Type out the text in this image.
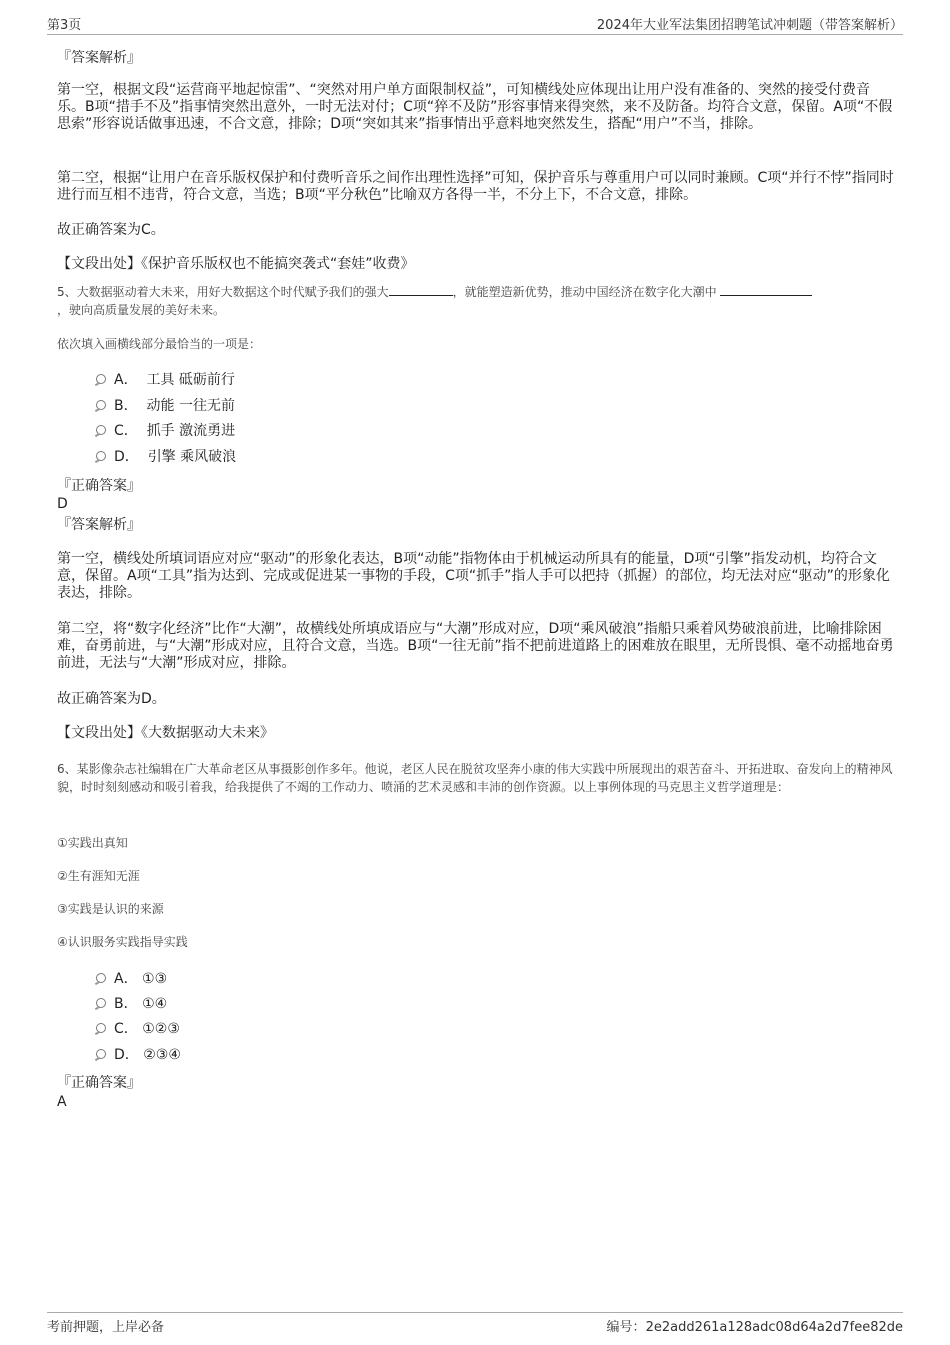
第3页	2024年大业军法集团招聘笔试冲刺题（带答案解析）
『答案解析』
第一空，根据文段“运营商平地起惊雷”、“突然对用户单方面限制权益”，可知横线处应体现出让用户没有准备的、突然的接受付费音乐。B项“措手不及”指事情突然出意外，一时无法对付；C项“猝不及防”形容事情来得突然，来不及防备。均符合文意，保留。A项“不假思索”形容说话做事迅速，不合文意，排除；D项“突如其来”指事情出乎意料地突然发生，搭配“用户”不当，排除。
第二空，根据“让用户在音乐版权保护和付费听音乐之间作出理性选择”可知，保护音乐与尊重用户可以同时兼顾。C项“并行不悖”指同时进行而互相不违背，符合文意，当选；B项“平分秋色”比喻双方各得一半，不分上下，不合文意，排除。
故正确答案为C。
【文段出处】《保护音乐版权也不能搞突袭式“套娃”收费》
5、大数据驱动着大未来，用好大数据这个时代赋予我们的强大	，就能塑造新优势，推动中国经济在数字化大潮中
，驶向高质量发展的美好未来。
依次填入画横线部分最恰当的一项是：
A． 工具 砥砺前行
B． 动能 一往无前
C． 抓手 激流勇进
D． 引擎 乘风破浪
『正确答案』
D
『答案解析』
第一空，横线处所填词语应对应“驱动”的形象化表达，B项“动能”指物体由于机械运动所具有的能量，D项“引擎”指发动机，均符合文意，保留。A项“工具”指为达到、完成或促进某一事物的手段，C项“抓手”指人手可以把持（抓握）的部位，均无法对应“驱动”的形象化表达，排除。
第二空，将“数字化经济”比作“大潮”，故横线处所填成语应与“大潮”形成对应，D项“乘风破浪”指船只乘着风势破浪前进，比喻排除困难，奋勇前进，与“大潮”形成对应，且符合文意，当选。B项“一往无前”指不把前进道路上的困难放在眼里，无所畏惧、毫不动摇地奋勇前进，无法与“大潮”形成对应，排除。
故正确答案为D。
【文段出处】《大数据驱动大未来》
6、某影像杂志社编辑在广大革命老区从事摄影创作多年。他说，老区人民在脱贫攻坚奔小康的伟大实践中所展现出的艰苦奋斗、开拓进取、奋发向上的精神风貌，时时刻刻感动和吸引着我，给我提供了不竭的工作动力、喷涌的艺术灵感和丰沛的创作资源。以上事例体现的马克思主义哲学道理是：
①实践出真知
②生有涯知无涯
③实践是认识的来源
④认识服务实践指导实践
A． ①③
B． ①④
C． ①②③
D． ②③④
『正确答案』
A
考前押题，上岸必备	编号：2e2add261a128adc08d64a2d7fee82de
